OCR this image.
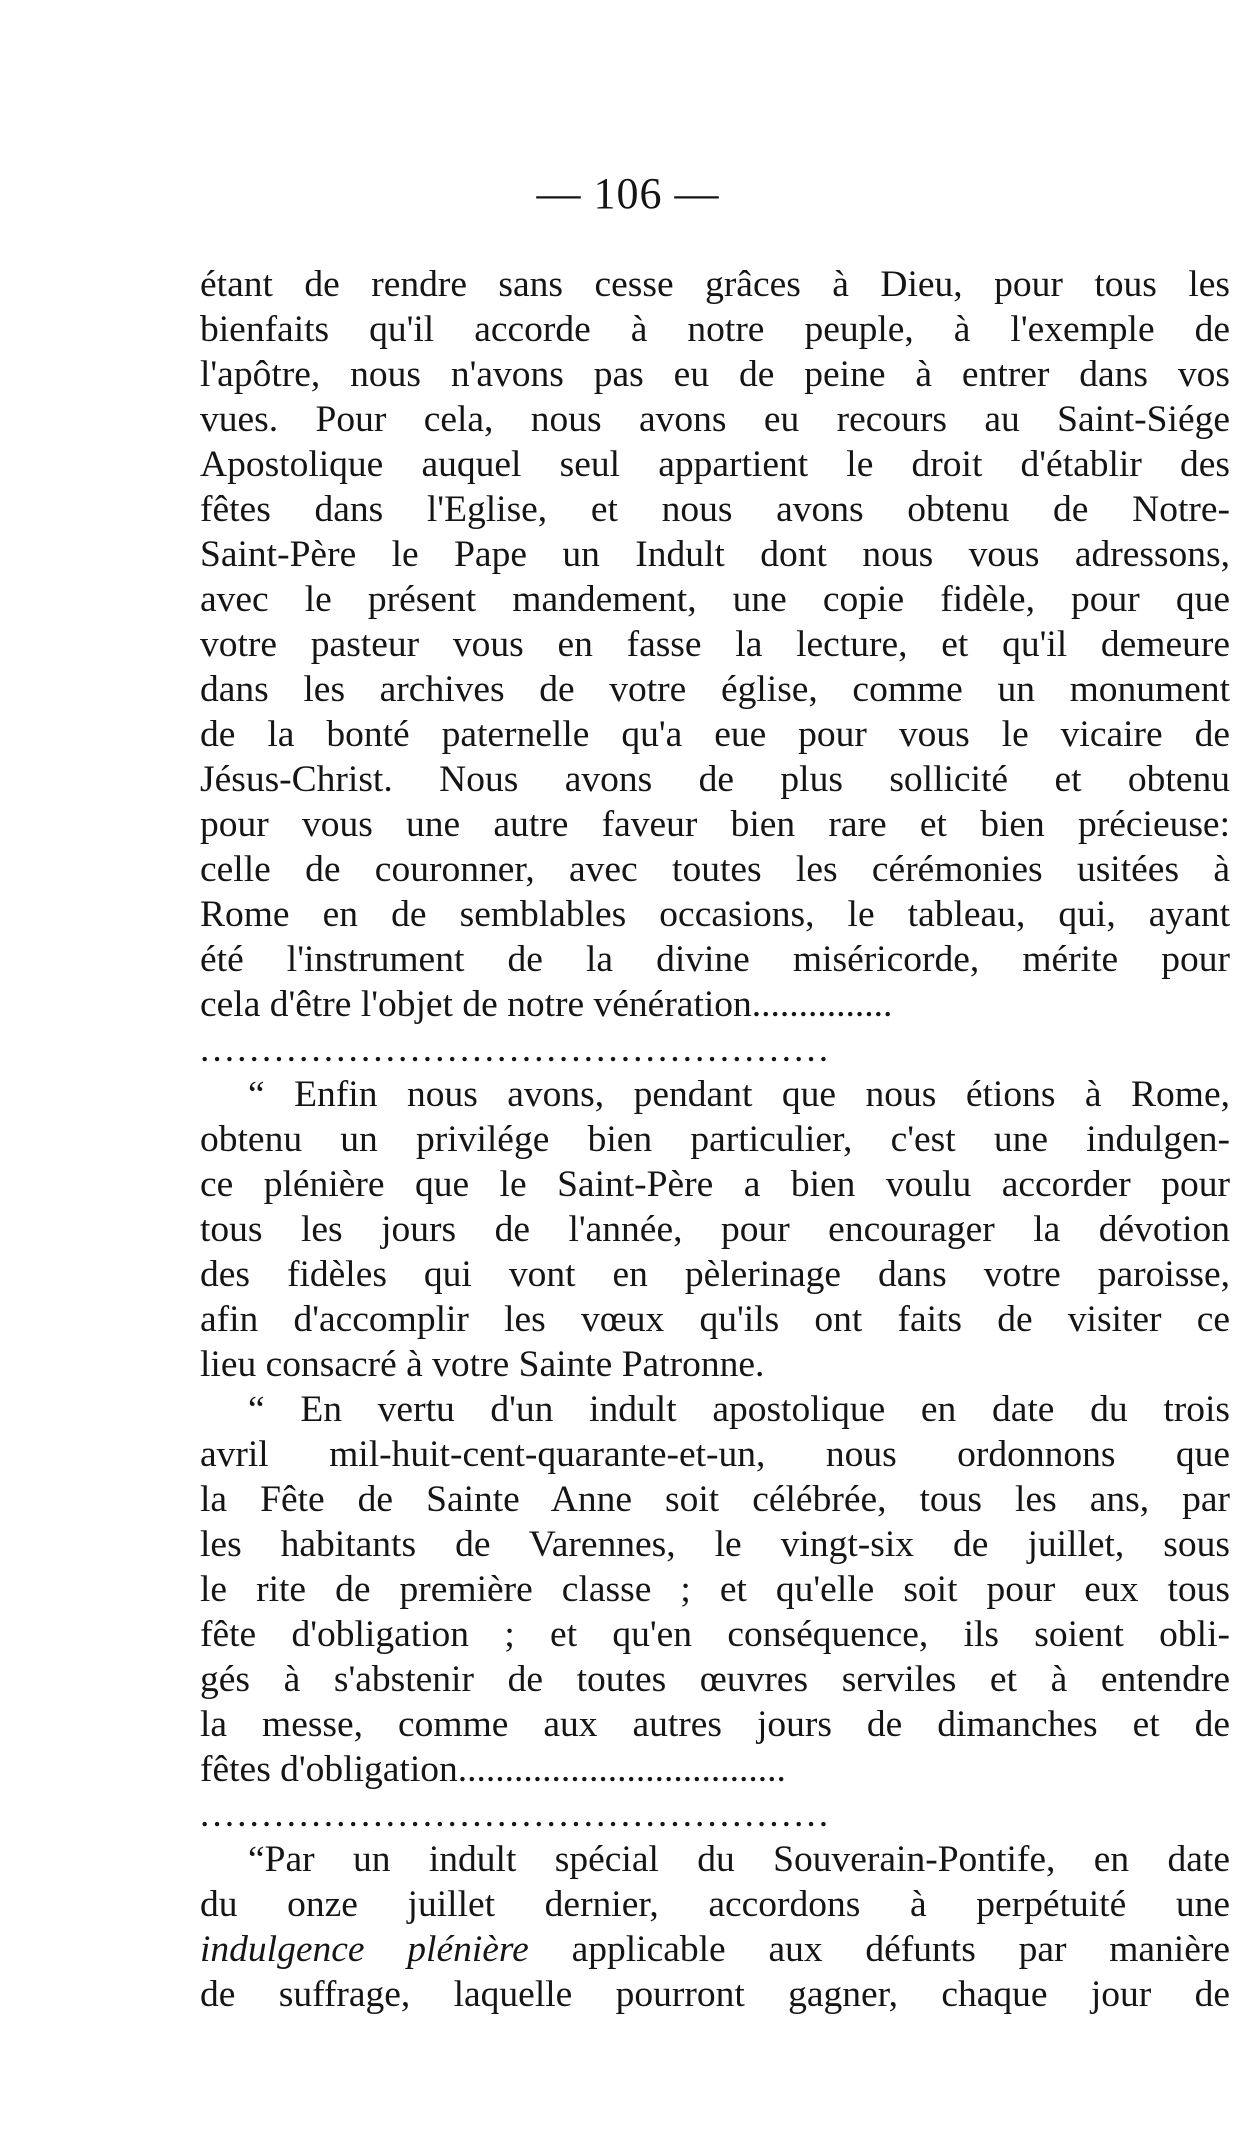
— 106 —
étant de rendre sans cesse grâces à Dieu, pour tous les
bienfaits qu'il accorde à notre peuple, à l'exemple de
l'apôtre, nous n'avons pas eu de peine à entrer dans vos
vues. Pour cela, nous avons eu recours au Saint-Siége
Apostolique auquel seul appartient le droit d'établir des
fêtes dans l'Eglise, et nous avons obtenu de Notre-
Saint-Père le Pape un Indult dont nous vous adressons,
avec le présent mandement, une copie fidèle, pour que
votre pasteur vous en fasse la lecture, et qu'il demeure
dans les archives de votre église, comme un monument
de la bonté paternelle qu'a eue pour vous le vicaire de
Jésus-Christ. Nous avons de plus sollicité et obtenu
pour vous une autre faveur bien rare et bien précieuse:
celle de couronner, avec toutes les cérémonies usitées à
Rome en de semblables occasions, le tableau, qui, ayant
été l'instrument de la divine miséricorde, mérite pour
cela d'être l'objet de notre vénération...............
...................................................
“ Enfin nous avons, pendant que nous étions à Rome,
obtenu un privilége bien particulier, c'est une indulgen-
ce plénière que le Saint-Père a bien voulu accorder pour
tous les jours de l'année, pour encourager la dévotion
des fidèles qui vont en pèlerinage dans votre paroisse,
afin d'accomplir les vœux qu'ils ont faits de visiter ce
lieu consacré à votre Sainte Patronne.
“ En vertu d'un indult apostolique en date du trois
avril mil-huit-cent-quarante-et-un, nous ordonnons que
la Fête de Sainte Anne soit célébrée, tous les ans, par
les habitants de Varennes, le vingt-six de juillet, sous
le rite de première classe ; et qu'elle soit pour eux tous
fête d'obligation ; et qu'en conséquence, ils soient obli-
gés à s'abstenir de toutes œuvres serviles et à entendre
la messe, comme aux autres jours de dimanches et de
fêtes d'obligation...................................
...................................................
“Par un indult spécial du Souverain-Pontife, en date
du onze juillet dernier, accordons à perpétuité une
indulgence plénière applicable aux défunts par manière
de suffrage, laquelle pourront gagner, chaque jour de
